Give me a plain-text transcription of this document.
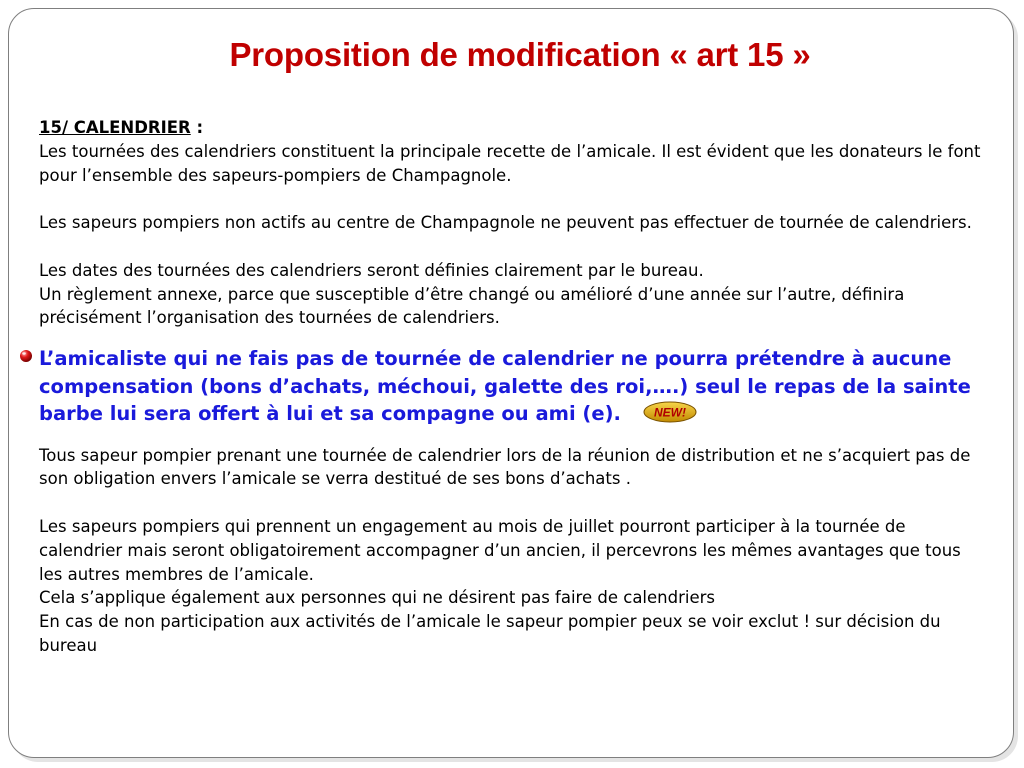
Proposition de modification « art 15 »

15/ CALENDRIER :

Les tournées des calendriers constituent la principale recette de l’amicale. Il est évident que les donateurs le font pour l’ensemble des sapeurs-pompiers de Champagnole.

Les sapeurs pompiers non actifs au centre de Champagnole ne peuvent pas effectuer de tournée de calendriers.

Les dates des tournées des calendriers seront définies clairement par le bureau.

Un règlement annexe, parce que susceptible d’être changé ou amélioré d’une année sur l’autre, définira précisément l’organisation des tournées de calendriers.

L’amicaliste qui ne fais pas de tournée de calendrier ne pourra prétendre à aucune compensation (bons d’achats, méchoui, galette des roi,….) seul le repas de la sainte barbe lui sera offert à lui et sa compagne ou ami (e).	NEW!

Tous sapeur pompier prenant une tournée de calendrier lors de la réunion de distribution et ne s’acquiert pas de son obligation envers l’amicale se verra destitué de ses bons d’achats .

Les sapeurs pompiers qui prennent un engagement au mois de juillet pourront participer à la tournée de calendrier mais seront obligatoirement accompagner d’un ancien, il percevrons les mêmes avantages que tous les autres membres de l’amicale.

Cela s’applique également aux personnes qui ne désirent pas faire de calendriers

En cas de non participation aux activités de l’amicale le sapeur pompier peux se voir exclut ! sur décision du bureau
